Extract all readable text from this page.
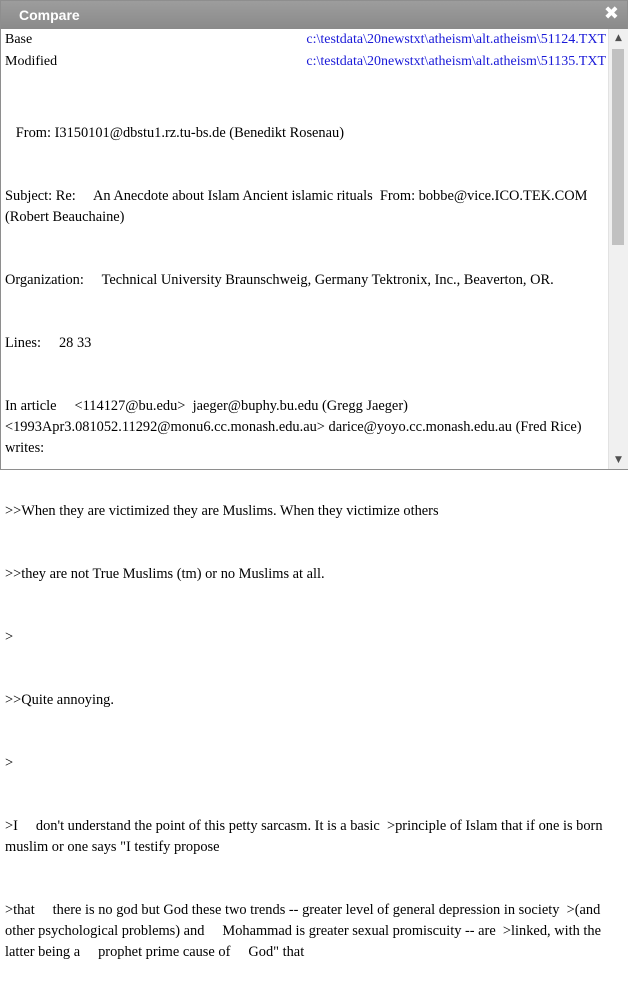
Compare	✖
Base	c:\testdata\20newstxt\atheism\alt.atheism\51124.TXT
Modified	c:\testdata\20newstxt\atheism\alt.atheism\51135.TXT

From: I3150101@dbstu1.rz.tu-bs.de (Benedikt Rosenau)

Subject: Re:     An Anecdote about Islam Ancient islamic rituals  From: bobbe@vice.ICO.TEK.COM (Robert Beauchaine)

Organization:     Technical University Braunschweig, Germany Tektronix, Inc., Beaverton, OR.

Lines:     28 33

In article     <114127@bu.edu>  jaeger@buphy.bu.edu (Gregg Jaeger) <1993Apr3.081052.11292@monu6.cc.monash.edu.au> darice@yoyo.cc.monash.edu.au (Fred Rice) writes:

>>When they are victimized they are Muslims. When they victimize others

>>they are not True Muslims (tm) or no Muslims at all.

>

>>Quite annoying.

>

>I     don't understand the point of this petty sarcasm. It is a basic  >principle of Islam that if one is born muslim or one says "I testify propose

>that     there is no god but God these two trends -- greater level of general depression in society  >(and other psychological problems) and     Mohammad is greater sexual promiscuity -- are  >linked, with the latter being a     prophet prime cause of     God" that

▲
▼
